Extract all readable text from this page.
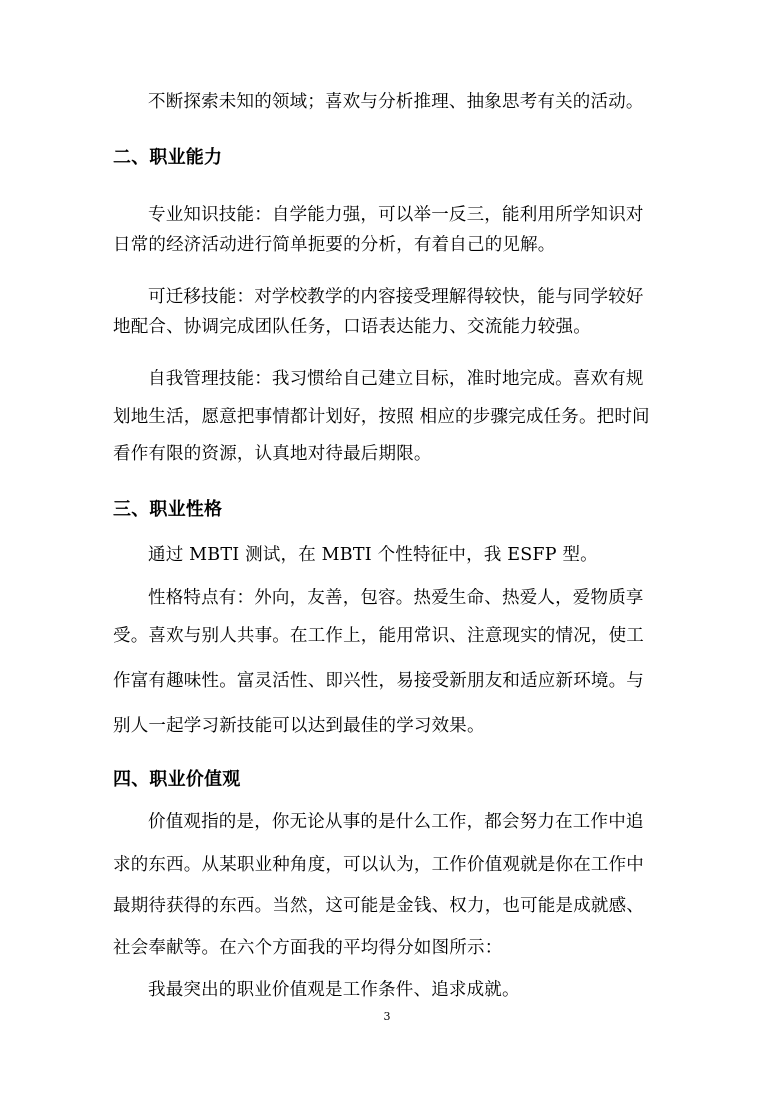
不断探索未知的领域；喜欢与分析推理、抽象思考有关的活动。
二、职业能力
专业知识技能：自学能力强，可以举一反三，能利用所学知识对
日常的经济活动进行简单扼要的分析，有着自己的见解。
可迁移技能：对学校教学的内容接受理解得较快，能与同学较好
地配合、协调完成团队任务，口语表达能力、交流能力较强。
自我管理技能：我习惯给自己建立目标，准时地完成。喜欢有规
划地生活，愿意把事情都计划好，按照 相应的步骤完成任务。把时间
看作有限的资源，认真地对待最后期限。
三、职业性格
通过 MBTI 测试，在 MBTI 个性特征中，我 ESFP 型。
性格特点有：外向，友善，包容。热爱生命、热爱人，爱物质享
受。喜欢与别人共事。在工作上，能用常识、注意现实的情况，使工
作富有趣味性。富灵活性、即兴性，易接受新朋友和适应新环境。与
别人一起学习新技能可以达到最佳的学习效果。
四、职业价值观
价值观指的是，你无论从事的是什么工作，都会努力在工作中追
求的东西。从某职业种角度，可以认为，工作价值观就是你在工作中
最期待获得的东西。当然，这可能是金钱、权力，也可能是成就感、
社会奉献等。在六个方面我的平均得分如图所示：
我最突出的职业价值观是工作条件、追求成就。
3
